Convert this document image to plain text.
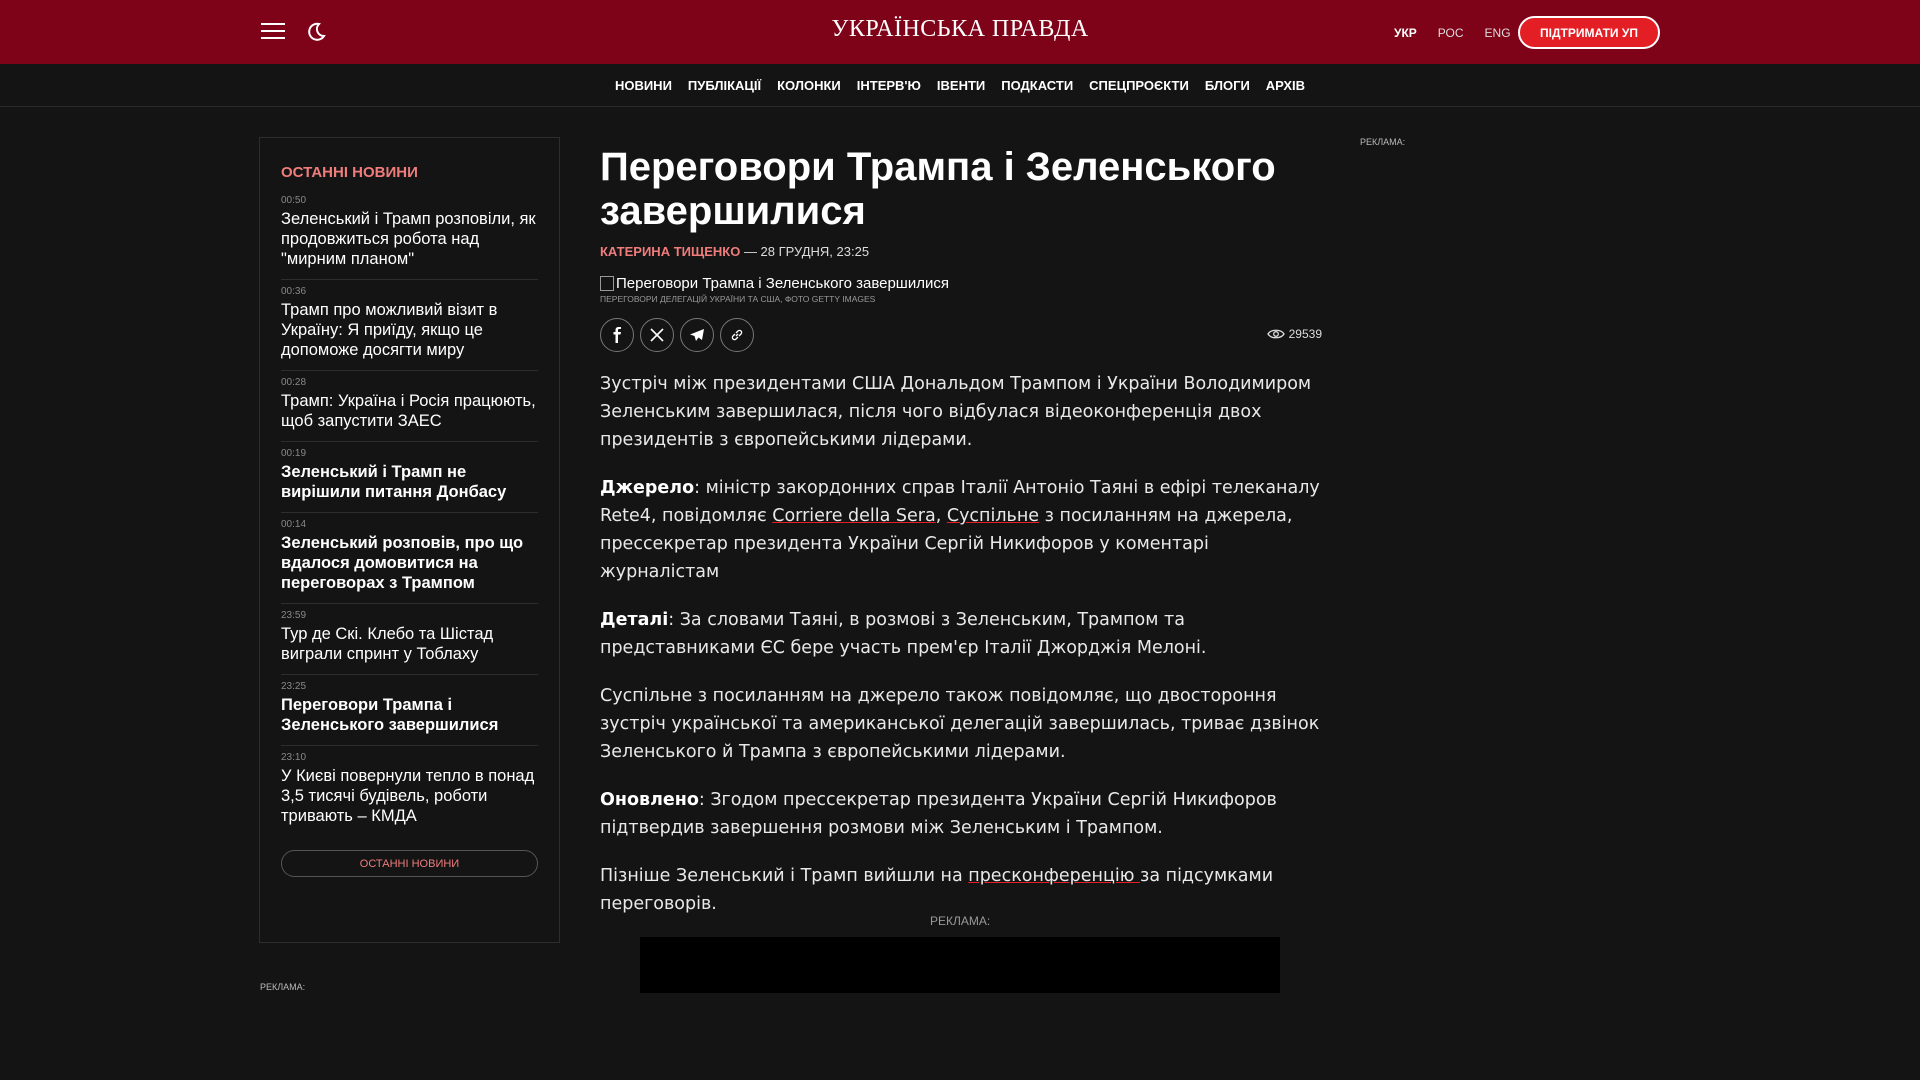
УКРАЇНСЬКА ПРАВДА	УКР РОС ENG	ПІДТРИМАТИ УП
НОВИНИ ПУБЛІКАЦІЇ КОЛОНКИ ІНТЕРВ'Ю ІВЕНТИ ПОДКАСТИ СПЕЦПРОЄКТИ БЛОГИ АРХІВ
ОСТАННІ НОВИНИ
00:50
Зеленський і Трамп розповіли, як продовжиться робота над "мирним планом"
00:36
Трамп про можливий візит в Україну: Я приїду, якщо це допоможе досягти миру
00:28
Трамп: Україна і Росія працюють, щоб запустити ЗАЕС
00:19
Зеленський і Трамп не вирішили питання Донбасу
00:14
Зеленський розповів, про що вдалося домовитися на переговорах з Трампом
23:59
Тур де Скі. Клебо та Шістад виграли спринт у Тоблаху
23:25
Переговори Трампа і Зеленського завершилися
23:10
У Києві повернули тепло в понад 3,5 тисячі будівель, роботи тривають – КМДА
ОСТАННІ НОВИНИ
РЕКЛАМА:
РЕКЛАМА:
Переговори Трампа і Зеленського завершилися
КАТЕРИНА ТИЩЕНКО — 28 ГРУДНЯ, 23:25
Переговори Трампа і Зеленського завершилися
ПЕРЕГОВОРИ ДЕЛЕГАЦІЙ УКРАЇНИ ТА США, ФОТО GETTY IMAGES
29539

Зустріч між президентами США Дональдом Трампом і України Володимиром Зеленським завершилася, після чого відбулася відеоконференція двох президентів з європейськими лідерами.

Джерело: міністр закордонних справ Італії Антоніо Таяні в ефірі телеканалу Rete4, повідомляє Corriere della Sera, Суспільне з посиланням на джерела, прессекретар президента України Сергій Никифоров у коментарі журналістам

Деталі: За словами Таяні, в розмові з Зеленським, Трампом та представниками ЄС бере участь прем'єр Італії Джорджія Мелоні.

Суспільне з посиланням на джерело також повідомляє, що двостороння зустріч української та американської делегацій завершилась, триває дзвінок Зеленського й Трампа з європейськими лідерами.

Оновлено: Згодом прессекретар президента України Сергій Никифоров підтвердив завершення розмови між Зеленським і Трампом.

Пізніше Зеленський і Трамп вийшли на пресконференцію за підсумками переговорів.

РЕКЛАМА:
